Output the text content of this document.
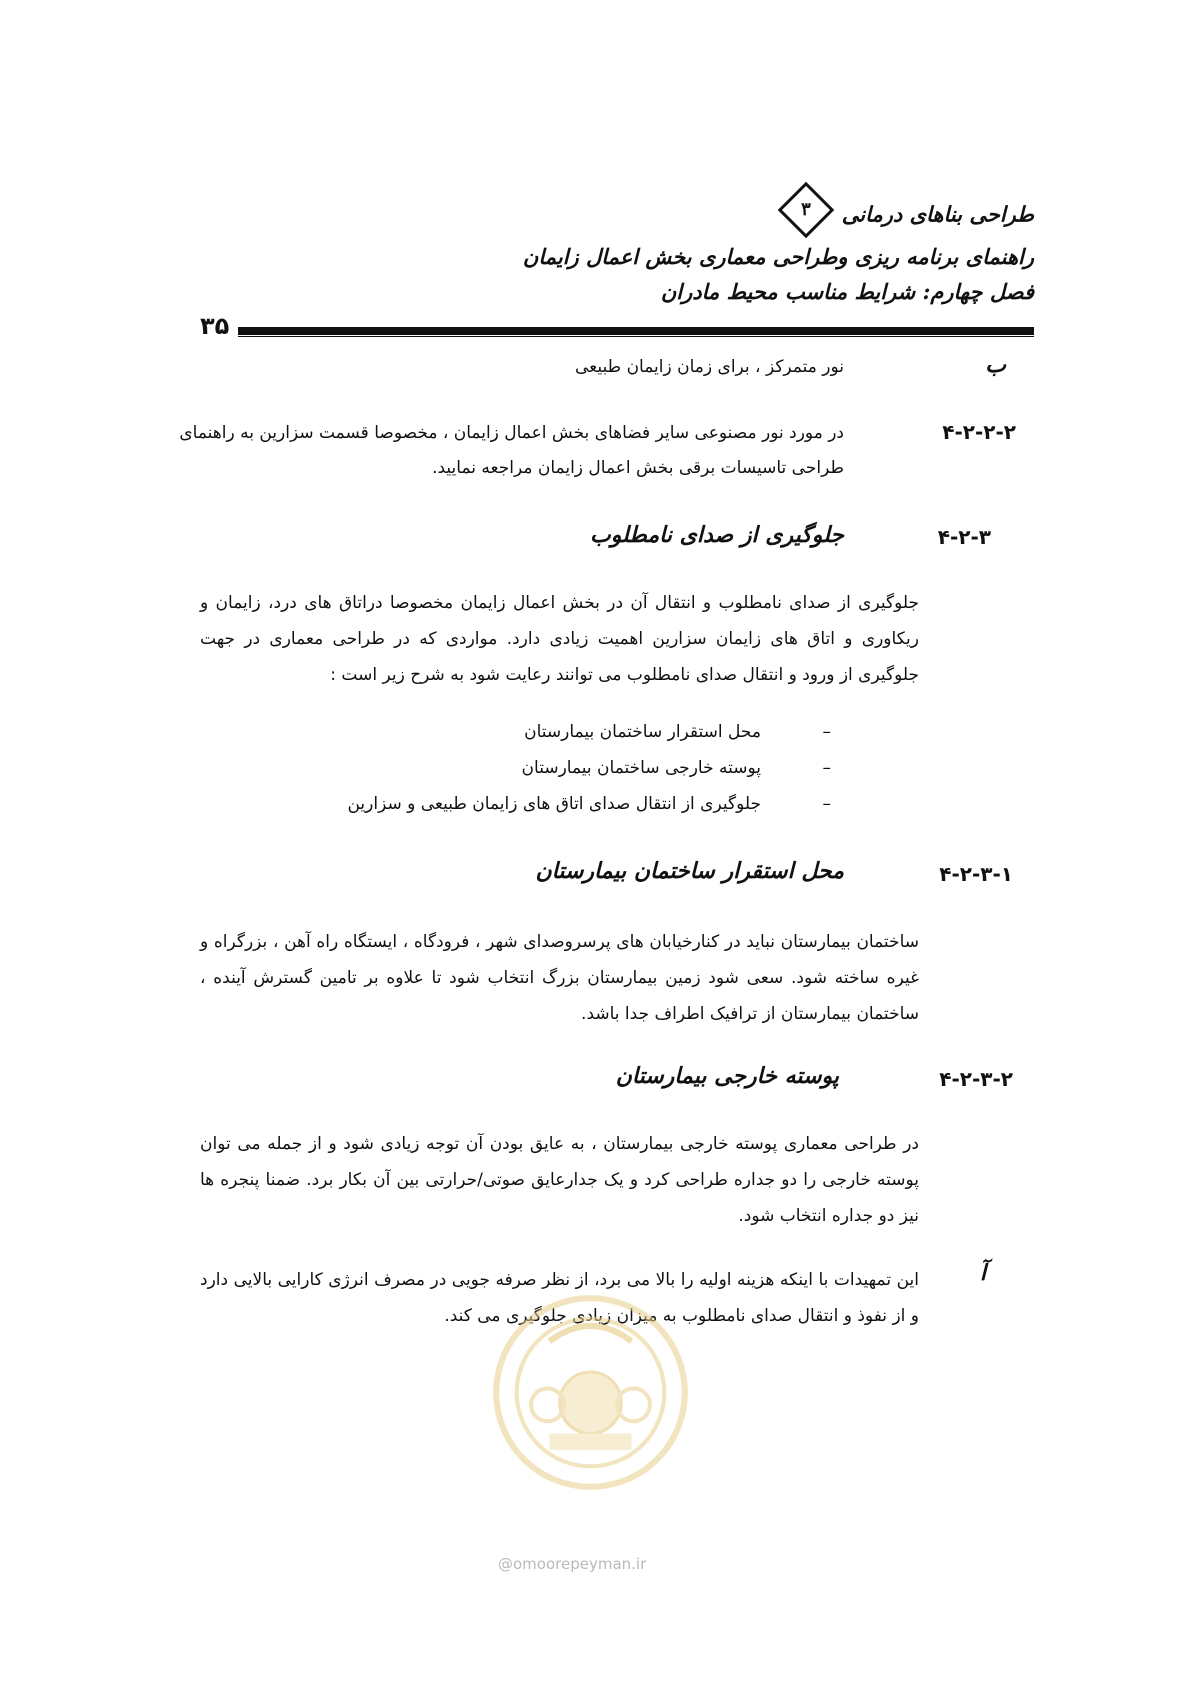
طراحی بناهای درمانی
۳
راهنمای برنامه ریزی وطراحی معماری بخش اعمال زایمان
فصل چهارم: شرایط مناسب محیط مادران
۳۵
ب
نور متمرکز ، برای زمان زایمان طبیعی
۴-۲-۲-۲
در مورد نور مصنوعی سایر فضاهای بخش اعمال زایمان ، مخصوصا قسمت سزارین به راهنمای
طراحی تاسیسات برقی بخش اعمال زایمان مراجعه نمایید.
۴-۲-۳
جلوگیری از صدای نامطلوب
جلوگیری از صدای نامطلوب و انتقال آن در بخش اعمال زایمان مخصوصا دراتاق های درد، زایمان و ریکاوری و اتاق های زایمان سزارین اهمیت زیادی دارد. مواردی که در طراحی معماری در جهت جلوگیری از ورود و انتقال صدای نامطلوب می توانند رعایت شود به شرح زیر است :
–
محل استقرار ساختمان بیمارستان
–
پوسته خارجی ساختمان بیمارستان
–
جلوگیری از انتقال صدای اتاق های زایمان طبیعی و سزارین
۴-۲-۳-۱
محل استقرار ساختمان بیمارستان
ساختمان بیمارستان نباید در کنارخیابان های پرسروصدای شهر ، فرودگاه ، ایستگاه راه آهن ، بزرگراه و غیره ساخته شود. سعی شود زمین بیمارستان بزرگ انتخاب شود تا علاوه بر تامین گسترش آینده ، ساختمان بیمارستان از ترافیک اطراف جدا باشد.
۴-۲-۳-۲
پوسته خارجی بیمارستان
در طراحی معماری پوسته خارجی بیمارستان ، به عایق بودن آن توجه زیادی شود و از جمله می توان پوسته خارجی را دو جداره طراحی کرد و یک جدارعایق صوتی/حرارتی بین آن بکار برد. ضمنا پنجره ها نیز دو جداره انتخاب شود.
آ
این تمهیدات با اینکه هزینه اولیه را بالا می برد، از نظر صرفه جویی در مصرف انرژی کارایی بالایی دارد و از نفوذ و انتقال صدای نامطلوب به میزان زیادی جلوگیری می کند.
@omoorepeyman.ir
